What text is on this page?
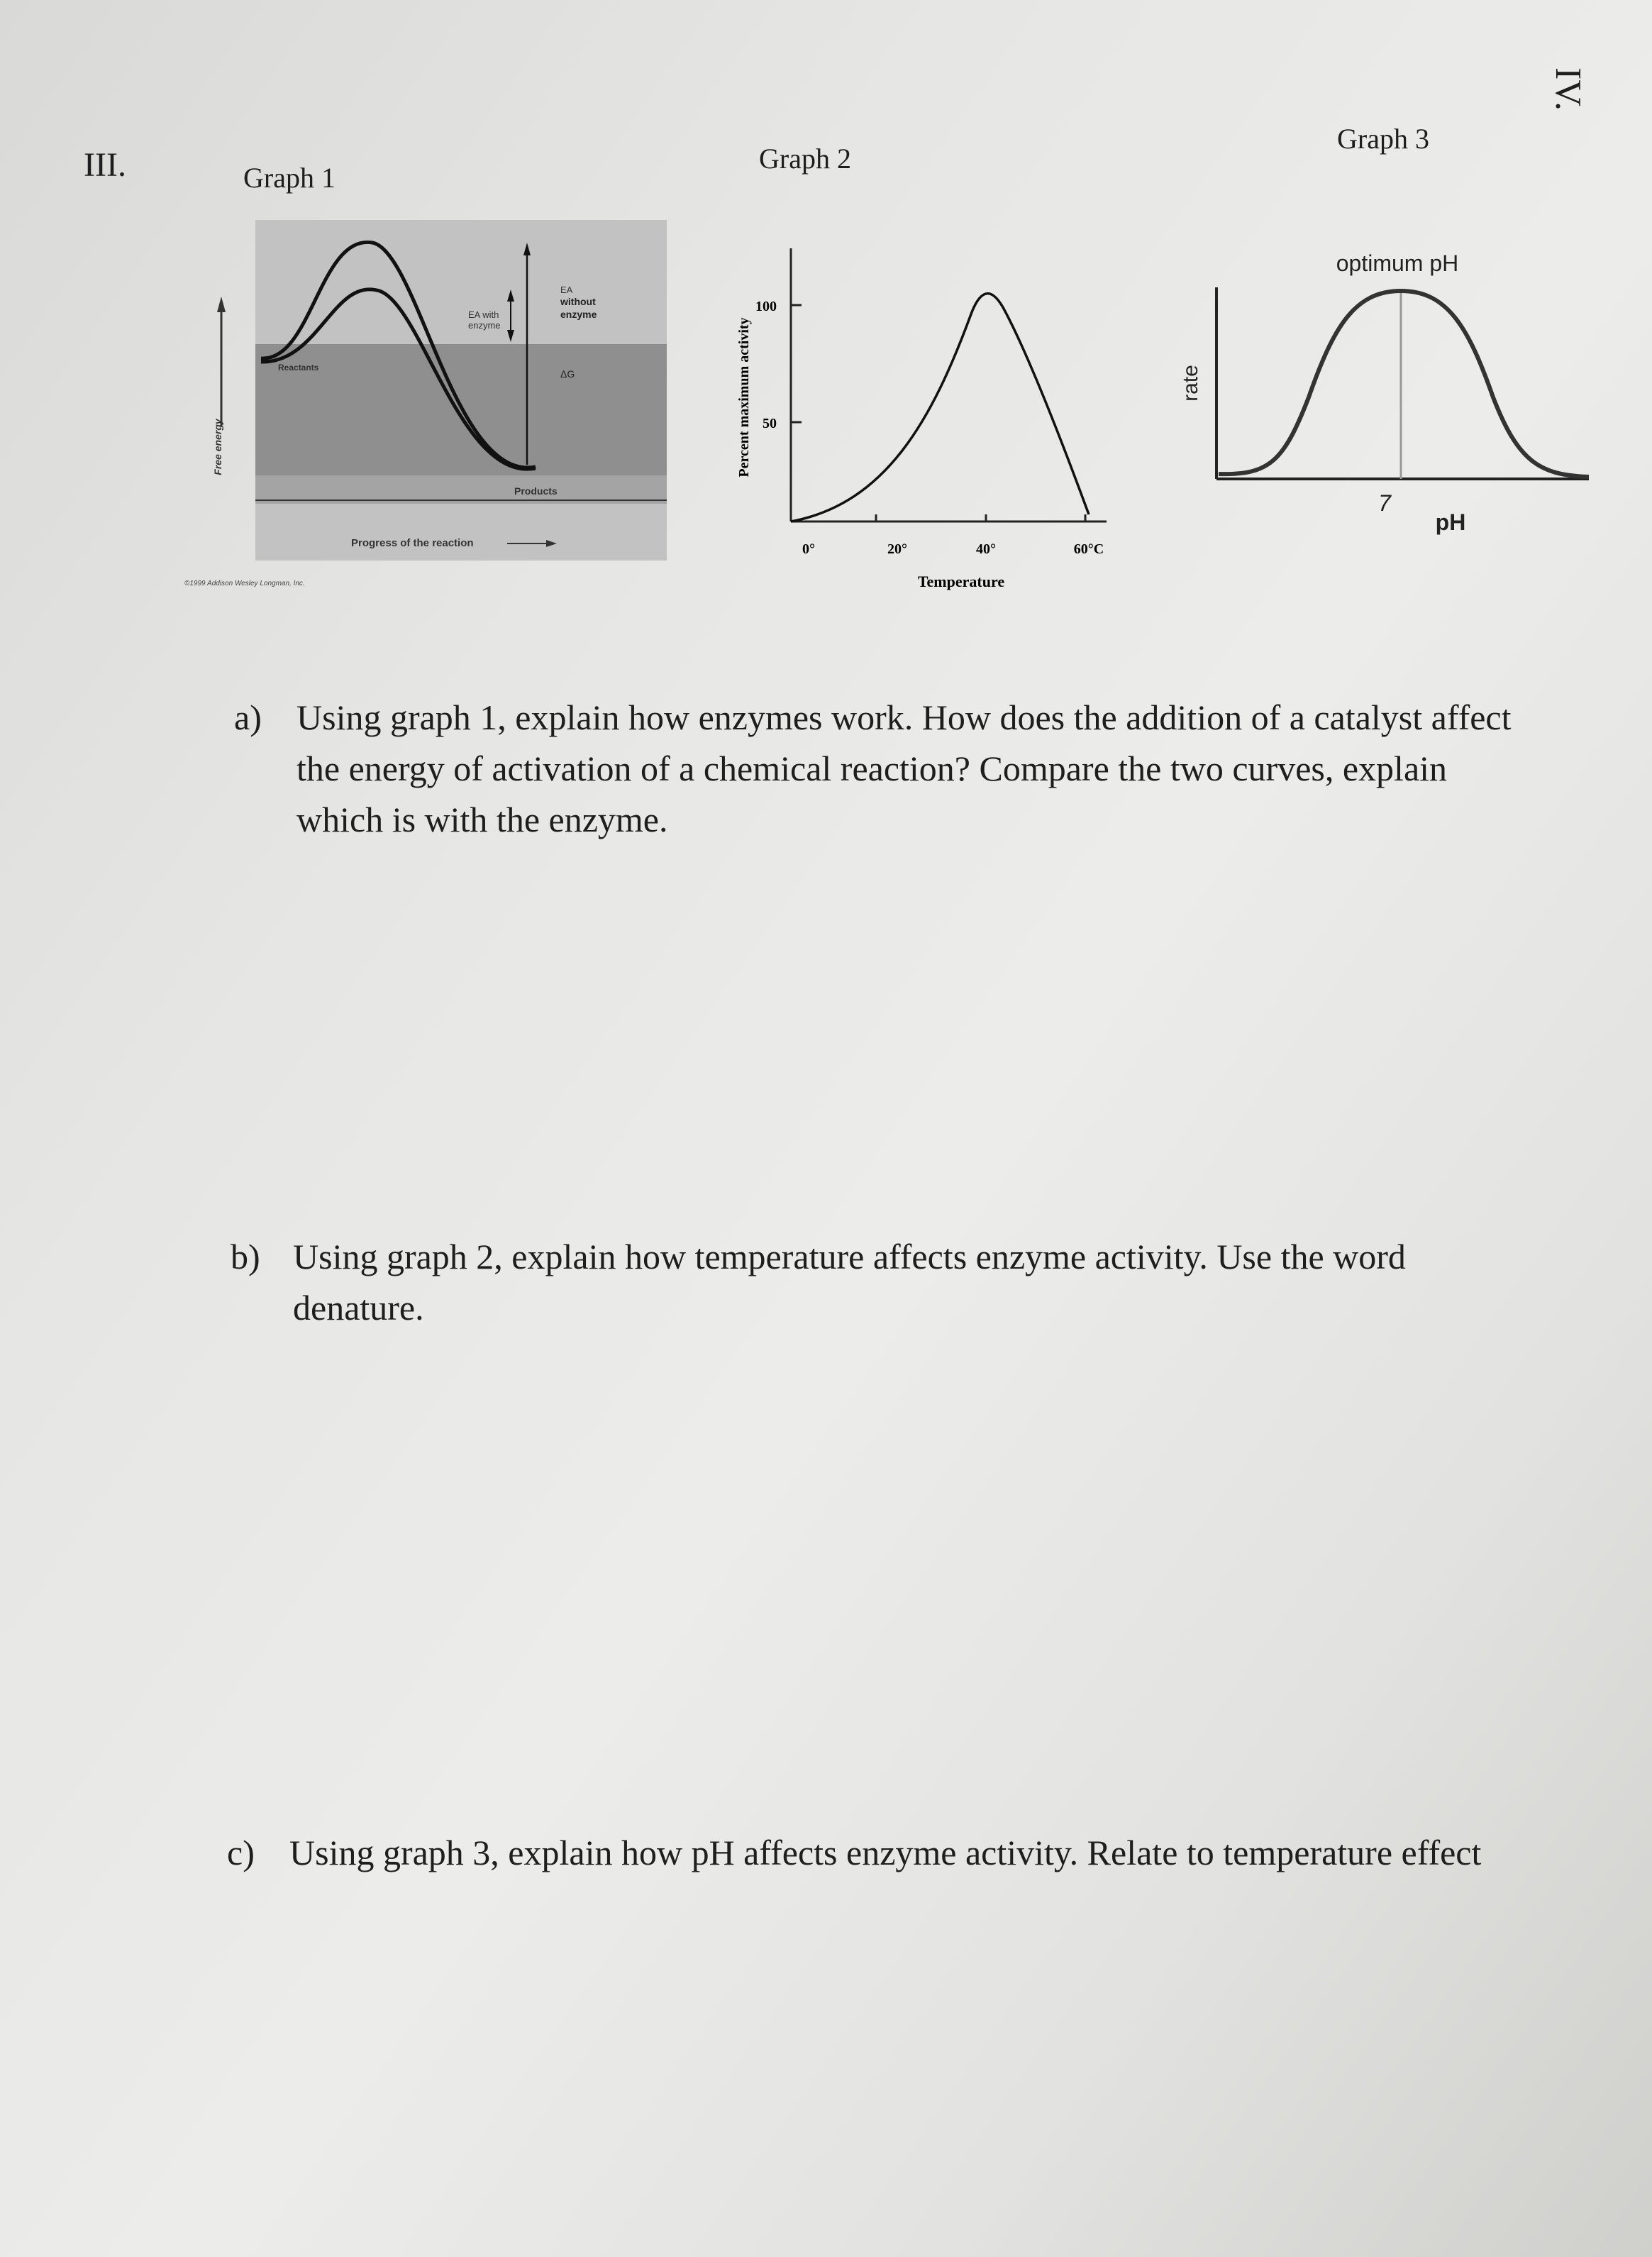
III.
IV.
Graph 1
Free energy
EA with
enzyme
EA
without
enzyme
ΔG
Reactants
Products
Progress of the reaction
©1999 Addison Wesley Longman, Inc.
Graph 2
100
50
Percent maximum activity
0°	20°	40°	60°C
Temperature
Graph 3
optimum pH
rate
7
pH
a) Using graph 1, explain how enzymes work. How does the addition of a catalyst affect
the energy of activation of a chemical reaction? Compare the two curves, explain
which is with the enzyme.
b) Using graph 2, explain how temperature affects enzyme activity. Use the word
denature.
c) Using graph 3, explain how pH affects enzyme activity. Relate to temperature effect
